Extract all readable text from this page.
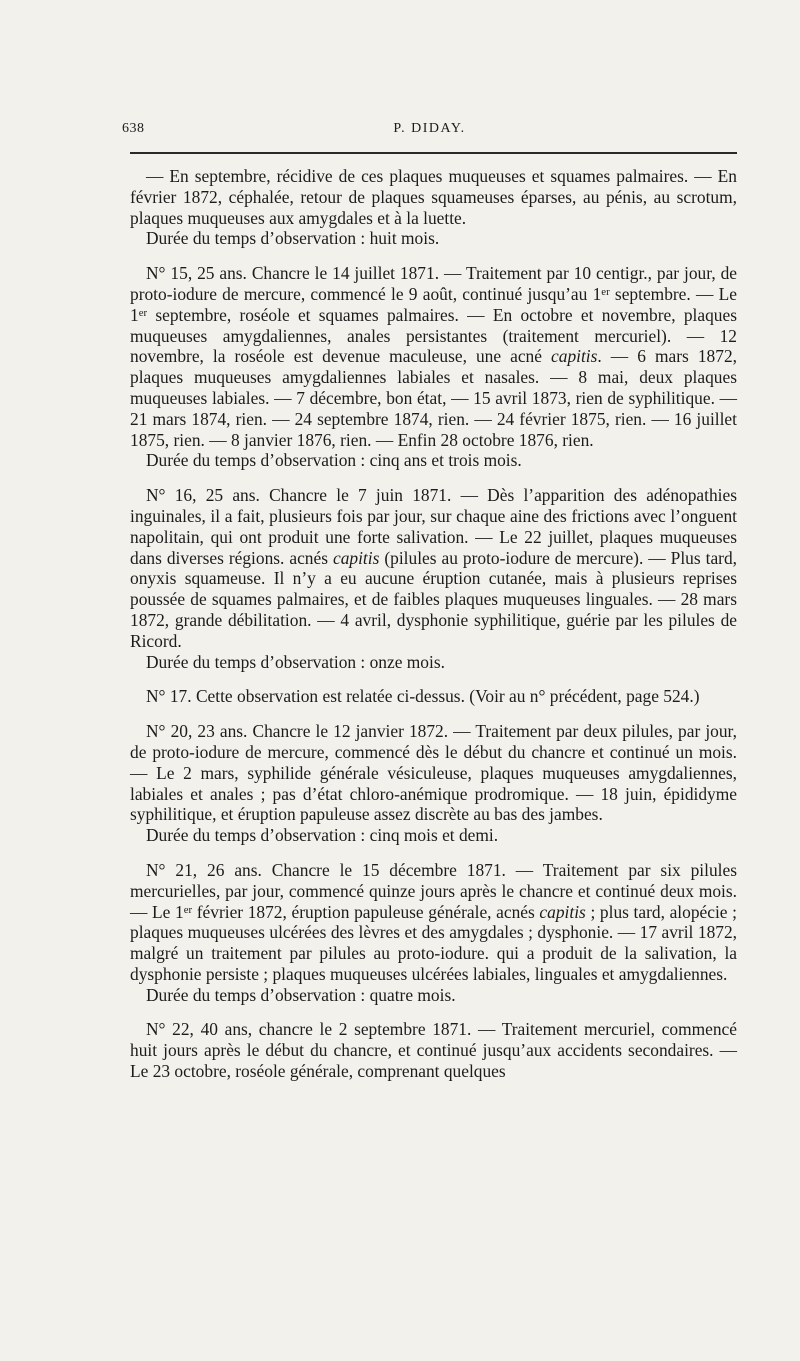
638	P. DIDAY.

— En septembre, récidive de ces plaques muqueuses et squames palmaires. — En février 1872, céphalée, retour de plaques squameuses éparses, au pénis, au scrotum, plaques muqueuses aux amygdales et à la luette.

Durée du temps d’observation : huit mois.

N° 15, 25 ans. Chancre le 14 juillet 1871. — Traitement par 10 centigr., par jour, de proto-iodure de mercure, commencé le 9 août, continué jusqu’au 1er septembre. — Le 1er septembre, roséole et squames palmaires. — En octobre et novembre, plaques muqueuses amygdaliennes, anales persistantes (traitement mercuriel). — 12 novembre, la roséole est devenue maculeuse, une acné capitis. — 6 mars 1872, plaques muqueuses amygdaliennes labiales et nasales. — 8 mai, deux plaques muqueuses labiales. — 7 décembre, bon état, — 15 avril 1873, rien de syphilitique. — 21 mars 1874, rien. — 24 septembre 1874, rien. — 24 février 1875, rien. — 16 juillet 1875, rien. — 8 janvier 1876, rien. — Enfin 28 octobre 1876, rien.

Durée du temps d’observation : cinq ans et trois mois.

N° 16, 25 ans. Chancre le 7 juin 1871. — Dès l’apparition des adénopathies inguinales, il a fait, plusieurs fois par jour, sur chaque aine des frictions avec l’onguent napolitain, qui ont produit une forte salivation. — Le 22 juillet, plaques muqueuses dans diverses régions. acnés capitis (pilules au proto-iodure de mercure). — Plus tard, onyxis squameuse. Il n’y a eu aucune éruption cutanée, mais à plusieurs reprises poussée de squames palmaires, et de faibles plaques muqueuses linguales. — 28 mars 1872, grande débilitation. — 4 avril, dysphonie syphilitique, guérie par les pilules de Ricord.

Durée du temps d’observation : onze mois.

N° 17. Cette observation est relatée ci-dessus. (Voir au n° précédent, page 524.)

N° 20, 23 ans. Chancre le 12 janvier 1872. — Traitement par deux pilules, par jour, de proto-iodure de mercure, commencé dès le début du chancre et continué un mois. — Le 2 mars, syphilide générale vésiculeuse, plaques muqueuses amygdaliennes, labiales et anales ; pas d’état chloro-anémique prodromique. — 18 juin, épididyme syphilitique, et éruption papuleuse assez discrète au bas des jambes.

Durée du temps d’observation : cinq mois et demi.

N° 21, 26 ans. Chancre le 15 décembre 1871. — Traitement par six pilules mercurielles, par jour, commencé quinze jours après le chancre et continué deux mois. — Le 1er février 1872, éruption papuleuse générale, acnés capitis ; plus tard, alopécie ; plaques muqueuses ulcérées des lèvres et des amygdales ; dysphonie. — 17 avril 1872, malgré un traitement par pilules au proto-iodure. qui a produit de la salivation, la dysphonie persiste ; plaques muqueuses ulcérées labiales, linguales et amygdaliennes.

Durée du temps d’observation : quatre mois.

N° 22, 40 ans, chancre le 2 septembre 1871. — Traitement mercuriel, commencé huit jours après le début du chancre, et continué jusqu’aux accidents secondaires. — Le 23 octobre, roséole générale, comprenant quelques
